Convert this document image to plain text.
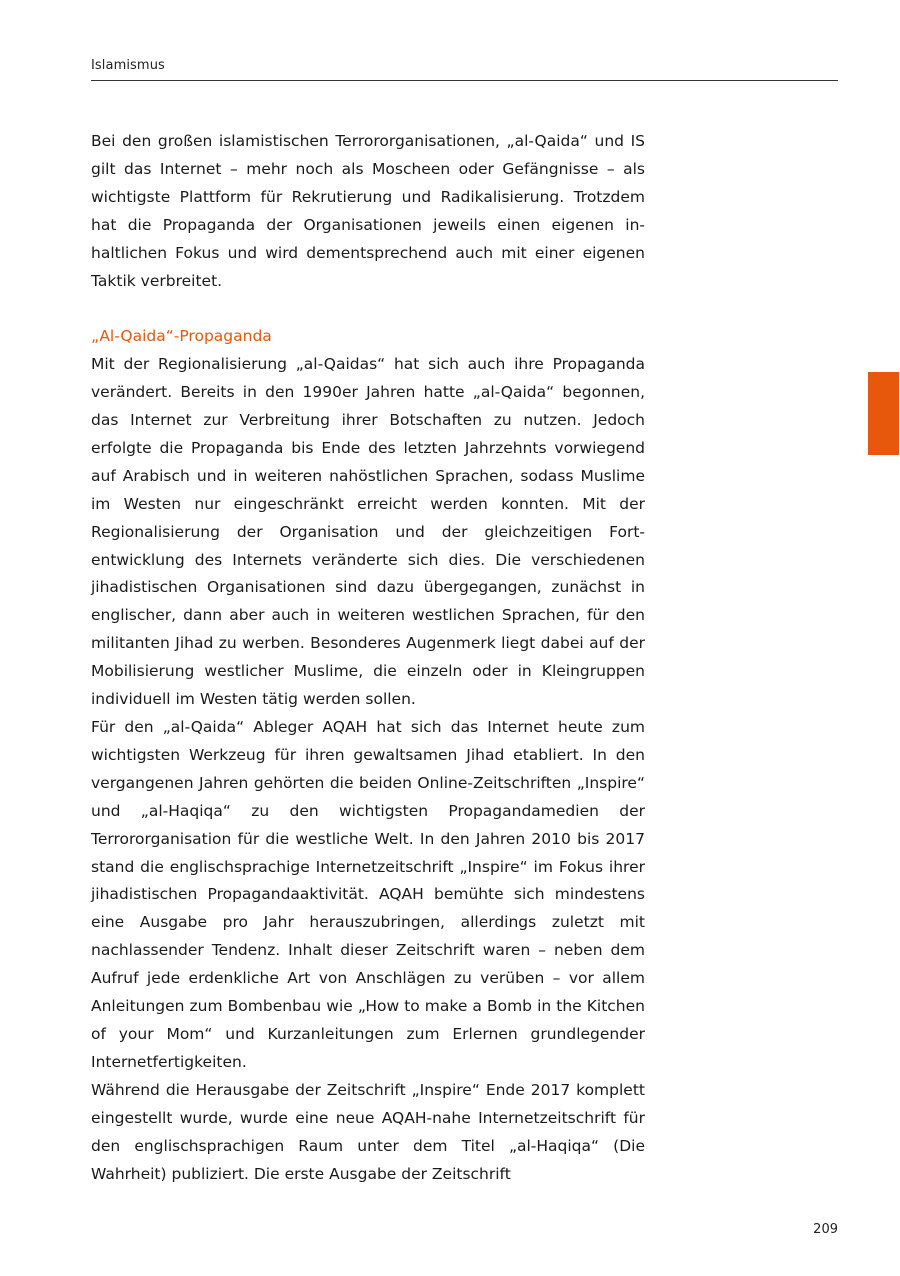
Islamismus

Bei den großen islamistischen Terrororganisationen, „al-Qaida“ und IS gilt das Internet – mehr noch als Moscheen oder Gefängnisse – als wichtigste Plattform für Rekrutierung und Radikalisierung. Trotzdem hat die Propaganda der Organisationen jeweils einen eigenen inhaltlichen Fokus und wird dementsprechend auch mit einer eigenen Taktik verbreitet.

„Al-Qaida“-Propaganda

Mit der Regionalisierung „al-Qaidas“ hat sich auch ihre Propaganda verändert. Bereits in den 1990er Jahren hatte „al-Qaida“ begonnen, das Internet zur Verbreitung ihrer Botschaften zu nutzen. Jedoch erfolgte die Propaganda bis Ende des letzten Jahrzehnts vorwiegend auf Arabisch und in weiteren nahöstlichen Sprachen, sodass Muslime im Westen nur eingeschränkt erreicht werden konnten. Mit der Regionalisierung der Organisation und der gleichzeitigen Fortentwicklung des Internets veränderte sich dies. Die verschiedenen jihadistischen Organisationen sind dazu übergegangen, zunächst in englischer, dann aber auch in weiteren westlichen Sprachen, für den militanten Jihad zu werben. Besonderes Augenmerk liegt dabei auf der Mobilisierung westlicher Muslime, die einzeln oder in Kleingruppen individuell im Westen tätig werden sollen.

Für den „al-Qaida“ Ableger AQAH hat sich das Internet heute zum wichtigsten Werkzeug für ihren gewaltsamen Jihad etabliert. In den vergangenen Jahren gehörten die beiden Online-Zeitschriften „Inspire“ und „al-Haqiqa“ zu den wichtigsten Propagandamedien der Terrororganisation für die westliche Welt. In den Jahren 2010 bis 2017 stand die englischsprachige Internetzeitschrift „Inspire“ im Fokus ihrer jihadistischen Propagandaaktivität. AQAH bemühte sich mindestens eine Ausgabe pro Jahr herauszubringen, allerdings zuletzt mit nachlassender Tendenz. Inhalt dieser Zeitschrift waren – neben dem Aufruf jede erdenkliche Art von Anschlägen zu verüben – vor allem Anleitungen zum Bombenbau wie „How to make a Bomb in the Kitchen of your Mom“ und Kurzanleitungen zum Erlernen grundlegender Internetfertigkeiten.

Während die Herausgabe der Zeitschrift „Inspire“ Ende 2017 komplett eingestellt wurde, wurde eine neue AQAH-nahe Internetzeitschrift für den englischsprachigen Raum unter dem Titel „al-Haqiqa“ (Die Wahrheit) publiziert. Die erste Ausgabe der Zeitschrift

209
